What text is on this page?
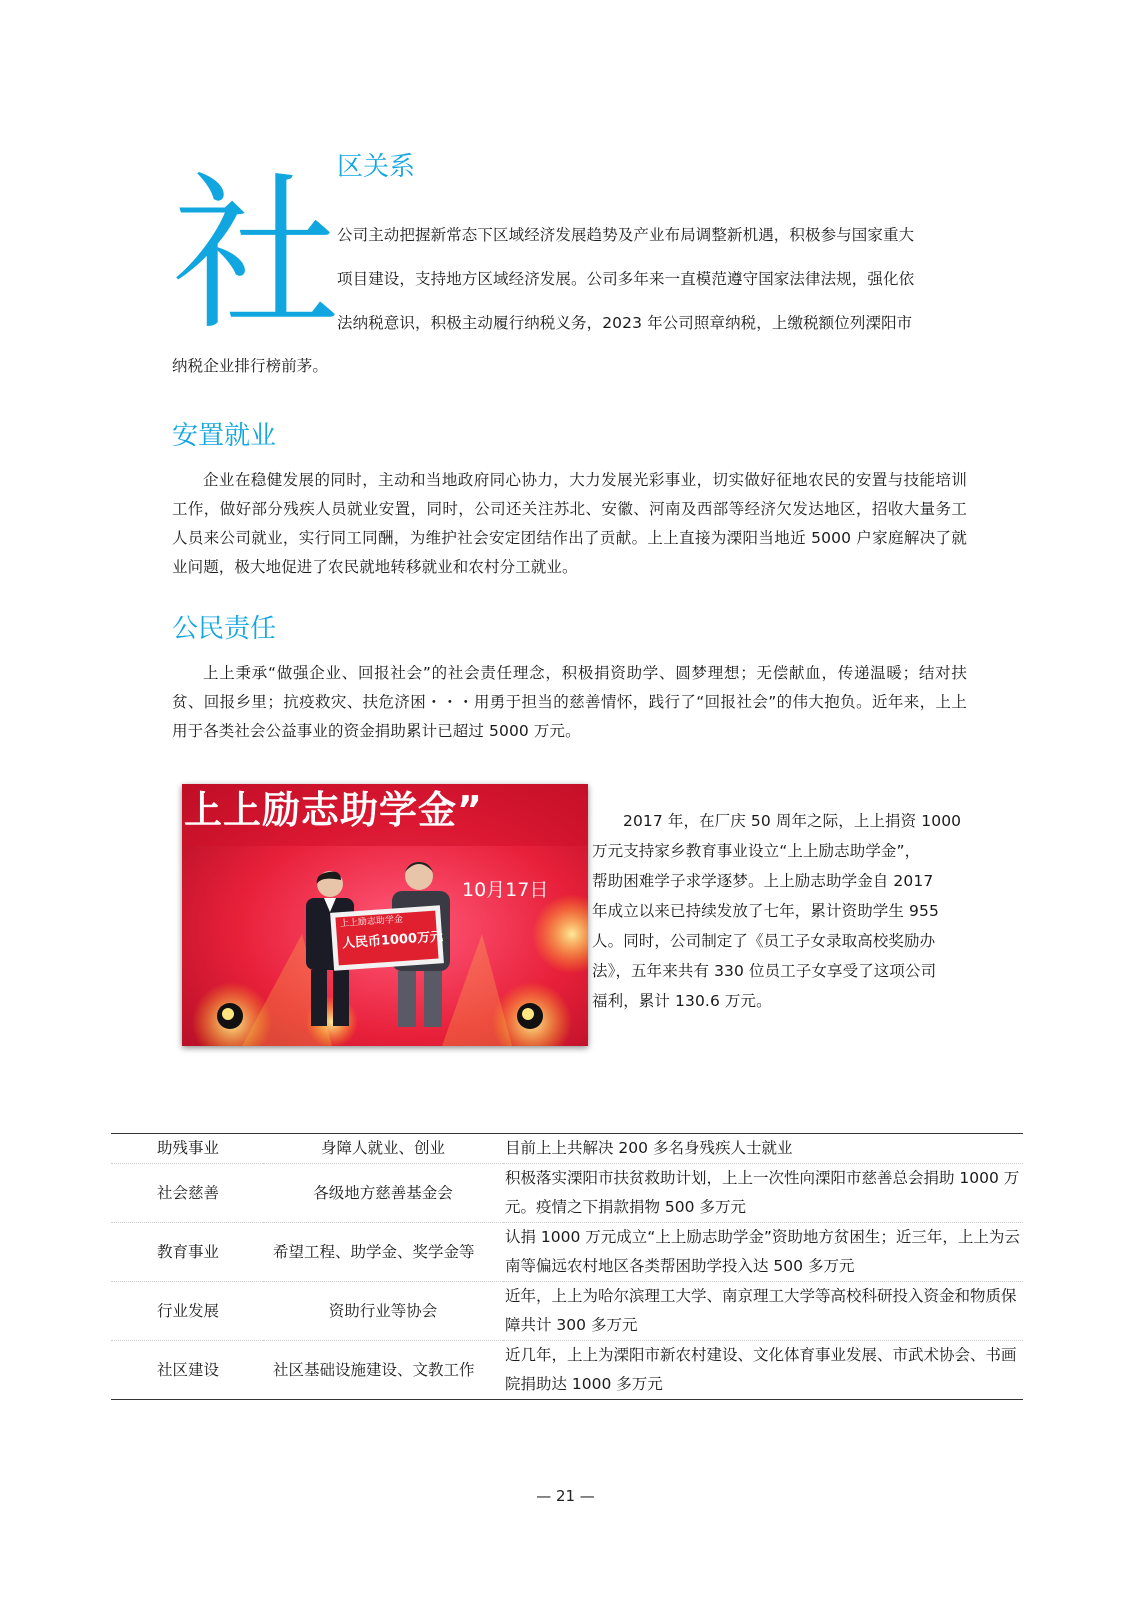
社
区关系
公司主动把握新常态下区域经济发展趋势及产业布局调整新机遇，积极参与国家重大
项目建设，支持地方区域经济发展。公司多年来一直模范遵守国家法律法规，强化依
法纳税意识，积极主动履行纳税义务，2023 年公司照章纳税，上缴税额位列溧阳市
纳税企业排行榜前茅。
安置就业
企业在稳健发展的同时，主动和当地政府同心协力，大力发展光彩事业，切实做好征地农民的安置与技能培训工作，做好部分残疾人员就业安置，同时，公司还关注苏北、安徽、河南及西部等经济欠发达地区，招收大量务工人员来公司就业，实行同工同酬，为维护社会安定团结作出了贡献。上上直接为溧阳当地近 5000 户家庭解决了就业问题，极大地促进了农民就地转移就业和农村分工就业。
公民责任
上上秉承“做强企业、回报社会”的社会责任理念，积极捐资助学、圆梦理想；无偿献血，传递温暖；结对扶贫、回报乡里；抗疫救灾、扶危济困・・・用勇于担当的慈善情怀，践行了“回报社会”的伟大抱负。近年来，上上用于各类社会公益事业的资金捐助累计已超过 5000 万元。
上上励志助学金”
10月17日
上上励志助学金
人民币1000万元
2017 年，在厂庆 50 周年之际，上上捐资 1000
万元支持家乡教育事业设立“上上励志助学金”，
帮助困难学子求学逐梦。上上励志助学金自 2017
年成立以来已持续发放了七年，累计资助学生 955
人。同时，公司制定了《员工子女录取高校奖励办
法》，五年来共有 330 位员工子女享受了这项公司
福利，累计 130.6 万元。
助残事业	身障人就业、创业	目前上上共解决 200 多名身残疾人士就业
社会慈善	各级地方慈善基金会	积极落实溧阳市扶贫救助计划，上上一次性向溧阳市慈善总会捐助 1000 万元。疫情之下捐款捐物 500 多万元
教育事业	希望工程、助学金、奖学金等	认捐 1000 万元成立“上上励志助学金”资助地方贫困生；近三年，上上为云南等偏远农村地区各类帮困助学投入达 500 多万元
行业发展	资助行业等协会	近年，上上为哈尔滨理工大学、南京理工大学等高校科研投入资金和物质保障共计 300 多万元
社区建设	社区基础设施建设、文教工作	近几年，上上为溧阳市新农村建设、文化体育事业发展、市武术协会、书画院捐助达 1000 多万元
— 21 —
